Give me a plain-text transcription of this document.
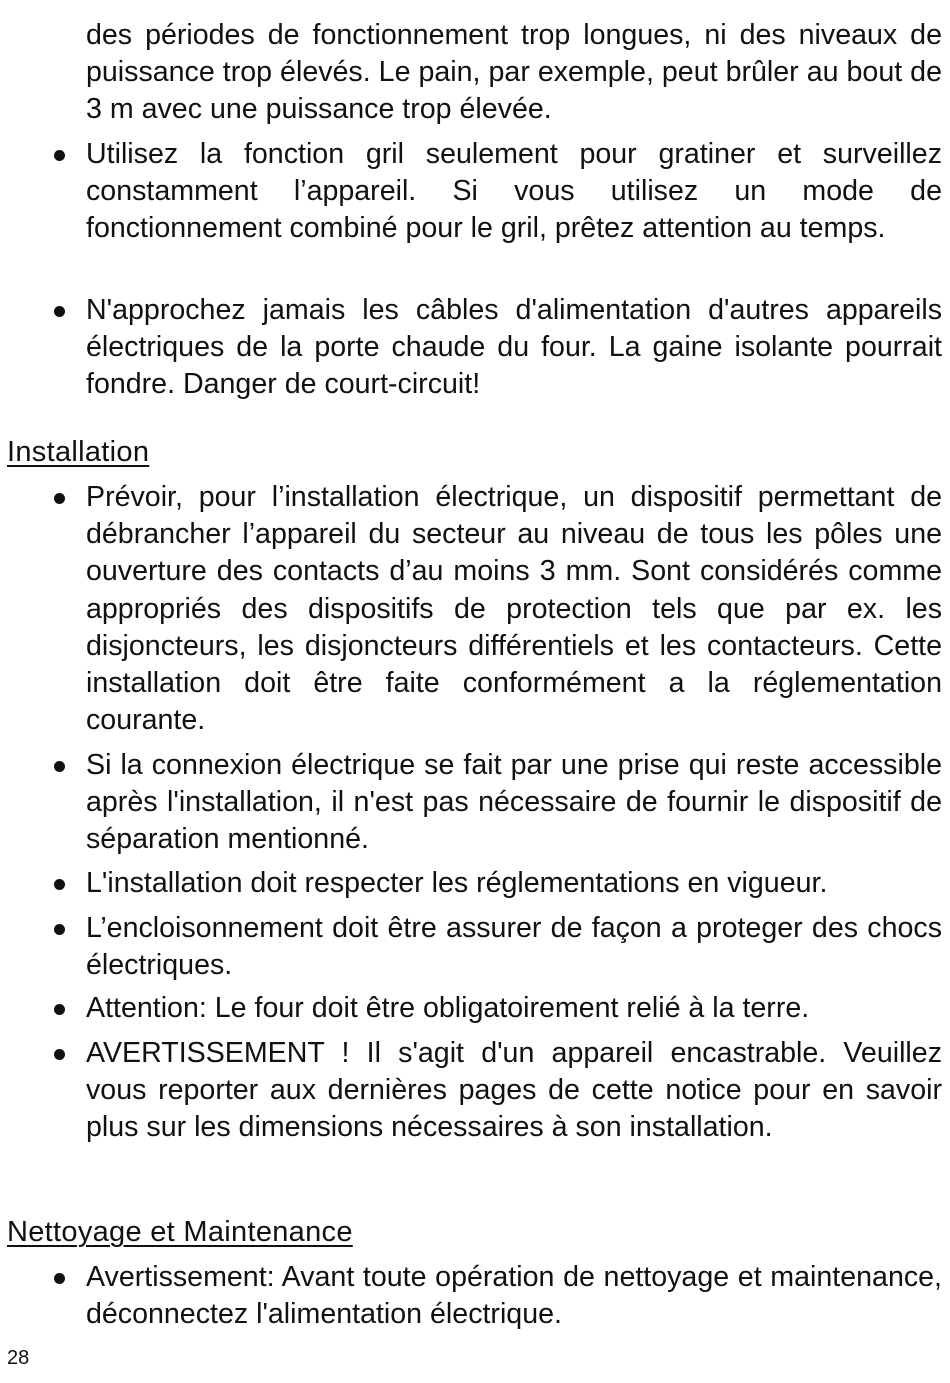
des périodes de fonctionnement trop longues, ni des niveaux de puissance trop élevés. Le pain, par exemple, peut brûler au bout de 3 m avec une puissance trop élevée.

Utilisez la fonction gril seulement pour gratiner et surveillez constamment l’appareil. Si vous utilisez un mode de fonctionnement combiné pour le gril, prêtez attention au temps.
N'approchez jamais les câbles d'alimentation d'autres appareils électriques de la porte chaude du four. La gaine isolante pourrait fondre. Danger de court-circuit!
Installation
Prévoir, pour l’installation électrique, un dispositif permettant de débrancher l’appareil du secteur au niveau de tous les pôles une ouverture des contacts d’au moins 3 mm. Sont considérés comme appropriés des dispositifs de protection tels que par ex. les disjoncteurs, les disjoncteurs différentiels et les contacteurs. Cette installation doit être faite conformément a la réglementation courante.
Si la connexion électrique se fait par une prise qui reste accessible après l'installation, il n'est pas nécessaire de fournir le dispositif de séparation mentionné.
L'installation doit respecter les réglementations en vigueur.
L’encloisonnement doit être assurer de façon a proteger des chocs électriques.
Attention: Le four doit être obligatoirement relié à la terre.
AVERTISSEMENT ! Il s'agit d'un appareil encastrable. Veuillez vous reporter aux dernières pages de cette notice pour en savoir plus sur les dimensions nécessaires à son installation.
Nettoyage et Maintenance
Avertissement: Avant toute opération de nettoyage et maintenance, déconnectez l'alimentation électrique.
28
